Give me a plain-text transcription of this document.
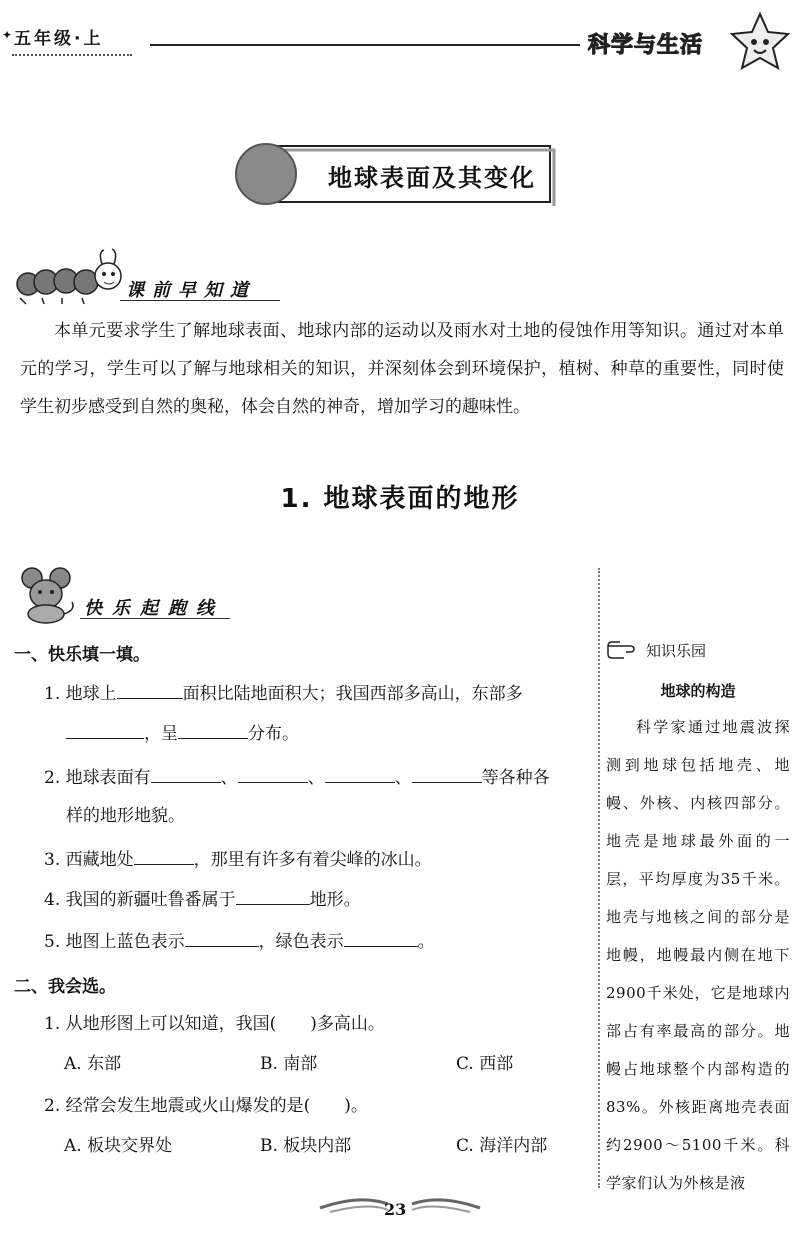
✦ 五年级·上	科学与生活
地球表面及其变化
课前早知道
本单元要求学生了解地球表面、地球内部的运动以及雨水对土地的侵蚀作用等知识。通过对本单元的学习，学生可以了解与地球相关的知识，并深刻体会到环境保护，植树、种草的重要性，同时使学生初步感受到自然的奥秘，体会自然的神奇，增加学习的趣味性。
1. 地球表面的地形
快乐起跑线
一、快乐填一填。
1. 地球上	面积比陆地面积大；我国西部多高山，东部多
，呈	分布。
2. 地球表面有	、	、	、	等各种各
样的地形地貌。
3. 西藏地处	，那里有许多有着尖峰的冰山。
4. 我国的新疆吐鲁番属于	地形。
5. 地图上蓝色表示	，绿色表示	。
二、我会选。
1. 从地形图上可以知道，我国(　　)多高山。
A. 东部	B. 南部	C. 西部
2. 经常会发生地震或火山爆发的是(　　)。
A. 板块交界处	B. 板块内部	C. 海洋内部
知识乐园
地球的构造
科学家通过地震波探测到地球包括地壳、地幔、外核、内核四部分。地壳是地球最外面的一层，平均厚度为35千米。地壳与地核之间的部分是地幔，地幔最内侧在地下2900千米处，它是地球内部占有率最高的部分。地幔占地球整个内部构造的83%。外核距离地壳表面约2900～5100千米。科学家们认为外核是液
23
